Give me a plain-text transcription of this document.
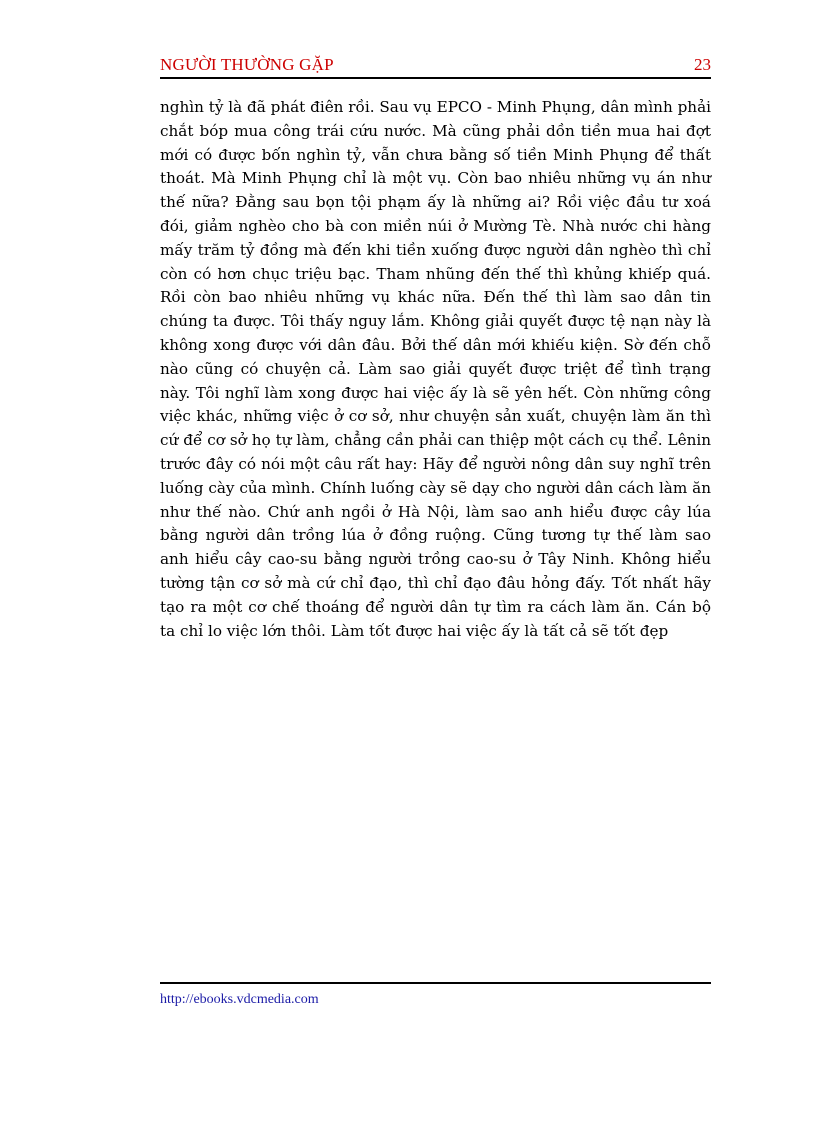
NGƯỜI THƯỜNG GẶP	23
nghìn tỷ là đã phát điên rồi. Sau vụ EPCO - Minh Phụng, dân mình phải chắt bóp mua công trái cứu nước. Mà cũng phải dồn tiền mua hai đợt mới có được bốn nghìn tỷ, vẫn chưa bằng số tiền Minh Phụng để thất thoát. Mà Minh Phụng chỉ là một vụ. Còn bao nhiêu những vụ án như thế nữa? Đằng sau bọn tội phạm ấy là những ai? Rồi việc đầu tư xoá đói, giảm nghèo cho bà con miền núi ở Mường Tè. Nhà nước chi hàng mấy trăm tỷ đồng mà đến khi tiền xuống được người dân nghèo thì chỉ còn có hơn chục triệu bạc. Tham nhũng đến thế thì khủng khiếp quá. Rồi còn bao nhiêu những vụ khác nữa. Đến thế thì làm sao dân tin chúng ta được. Tôi thấy nguy lắm. Không giải quyết được tệ nạn này là không xong được với dân đâu. Bởi thế dân mới khiếu kiện. Sờ đến chỗ nào cũng có chuyện cả. Làm sao giải quyết được triệt để tình trạng này. Tôi nghĩ làm xong được hai việc ấy là sẽ yên hết. Còn những công việc khác, những việc ở cơ sở, như chuyện sản xuất, chuyện làm ăn thì cứ để cơ sở họ tự làm, chẳng cần phải can thiệp một cách cụ thể. Lênin trước đây có nói một câu rất hay: Hãy để người nông dân suy nghĩ trên luống cày của mình. Chính luống cày sẽ dạy cho người dân cách làm ăn như thế nào. Chứ anh ngồi ở Hà Nội, làm sao anh hiểu được cây lúa bằng người dân trồng lúa ở đồng ruộng. Cũng tương tự thế làm sao anh hiểu cây cao-su bằng người trồng cao-su ở Tây Ninh. Không hiểu tường tận cơ sở mà cứ chỉ đạo, thì chỉ đạo đâu hỏng đấy. Tốt nhất hãy tạo ra một cơ chế thoáng để người dân tự tìm ra cách làm ăn. Cán bộ ta chỉ lo việc lớn thôi. Làm tốt được hai việc ấy là tất cả sẽ tốt đẹp
http://ebooks.vdcmedia.com
